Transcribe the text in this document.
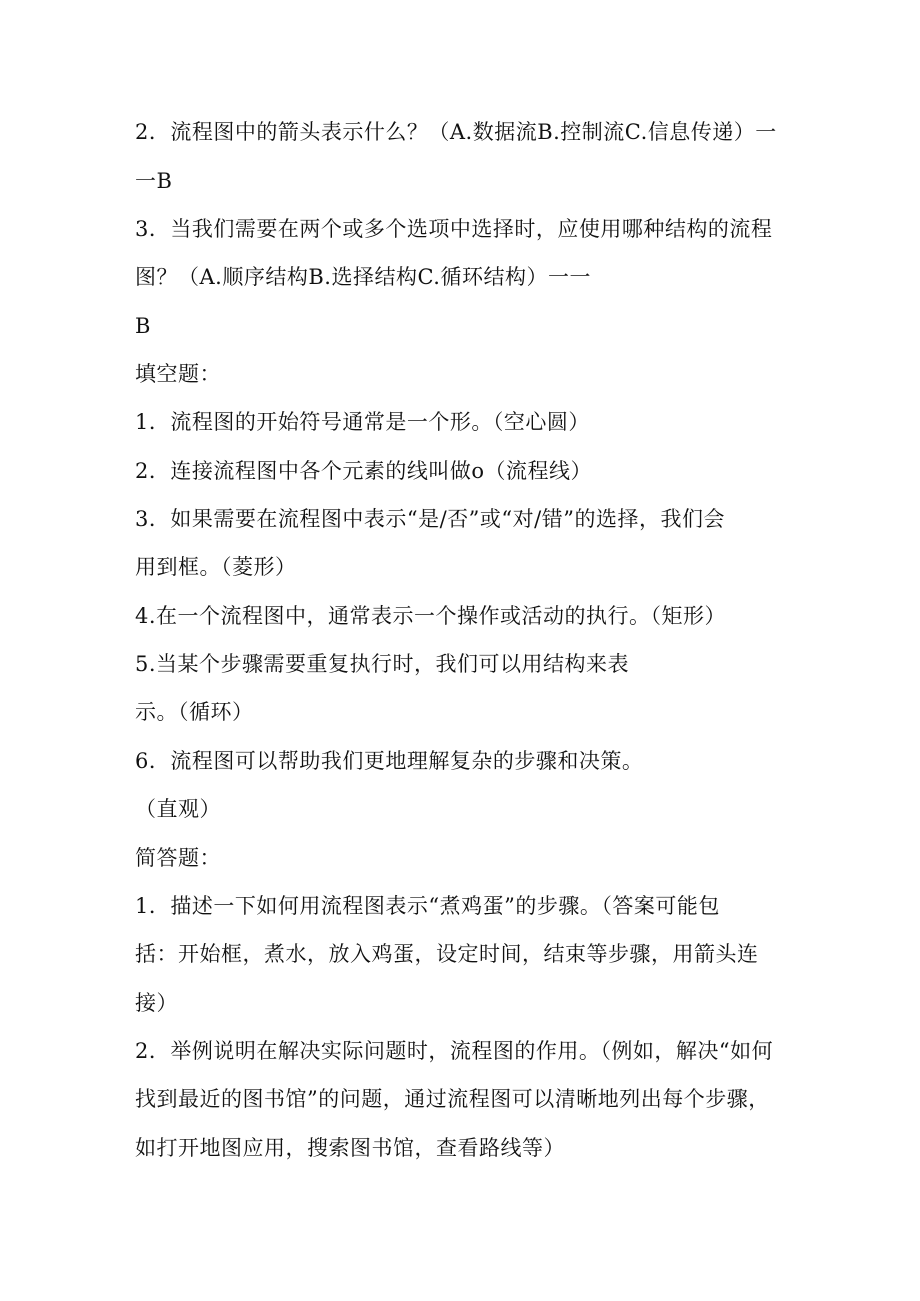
2．流程图中的箭头表示什么？（A.数据流B.控制流C.信息传递）一
一B
3．当我们需要在两个或多个选项中选择时，应使用哪种结构的流程
图？（A.顺序结构B.选择结构C.循环结构）一一
B
填空题：
1．流程图的开始符号通常是一个形。（空心圆）
2．连接流程图中各个元素的线叫做o（流程线）
3．如果需要在流程图中表示“是/否”或“对/错”的选择，我们会
用到框。（菱形）
4.在一个流程图中，通常表示一个操作或活动的执行。（矩形）
5.当某个步骤需要重复执行时，我们可以用结构来表
示。（循环）
6．流程图可以帮助我们更地理解复杂的步骤和决策。
（直观）
简答题：
1．描述一下如何用流程图表示“煮鸡蛋”的步骤。（答案可能包
括：开始框，煮水，放入鸡蛋，设定时间，结束等步骤，用箭头连
接）
2．举例说明在解决实际问题时，流程图的作用。（例如，解决“如何
找到最近的图书馆”的问题，通过流程图可以清晰地列出每个步骤，
如打开地图应用，搜索图书馆，查看路线等）
